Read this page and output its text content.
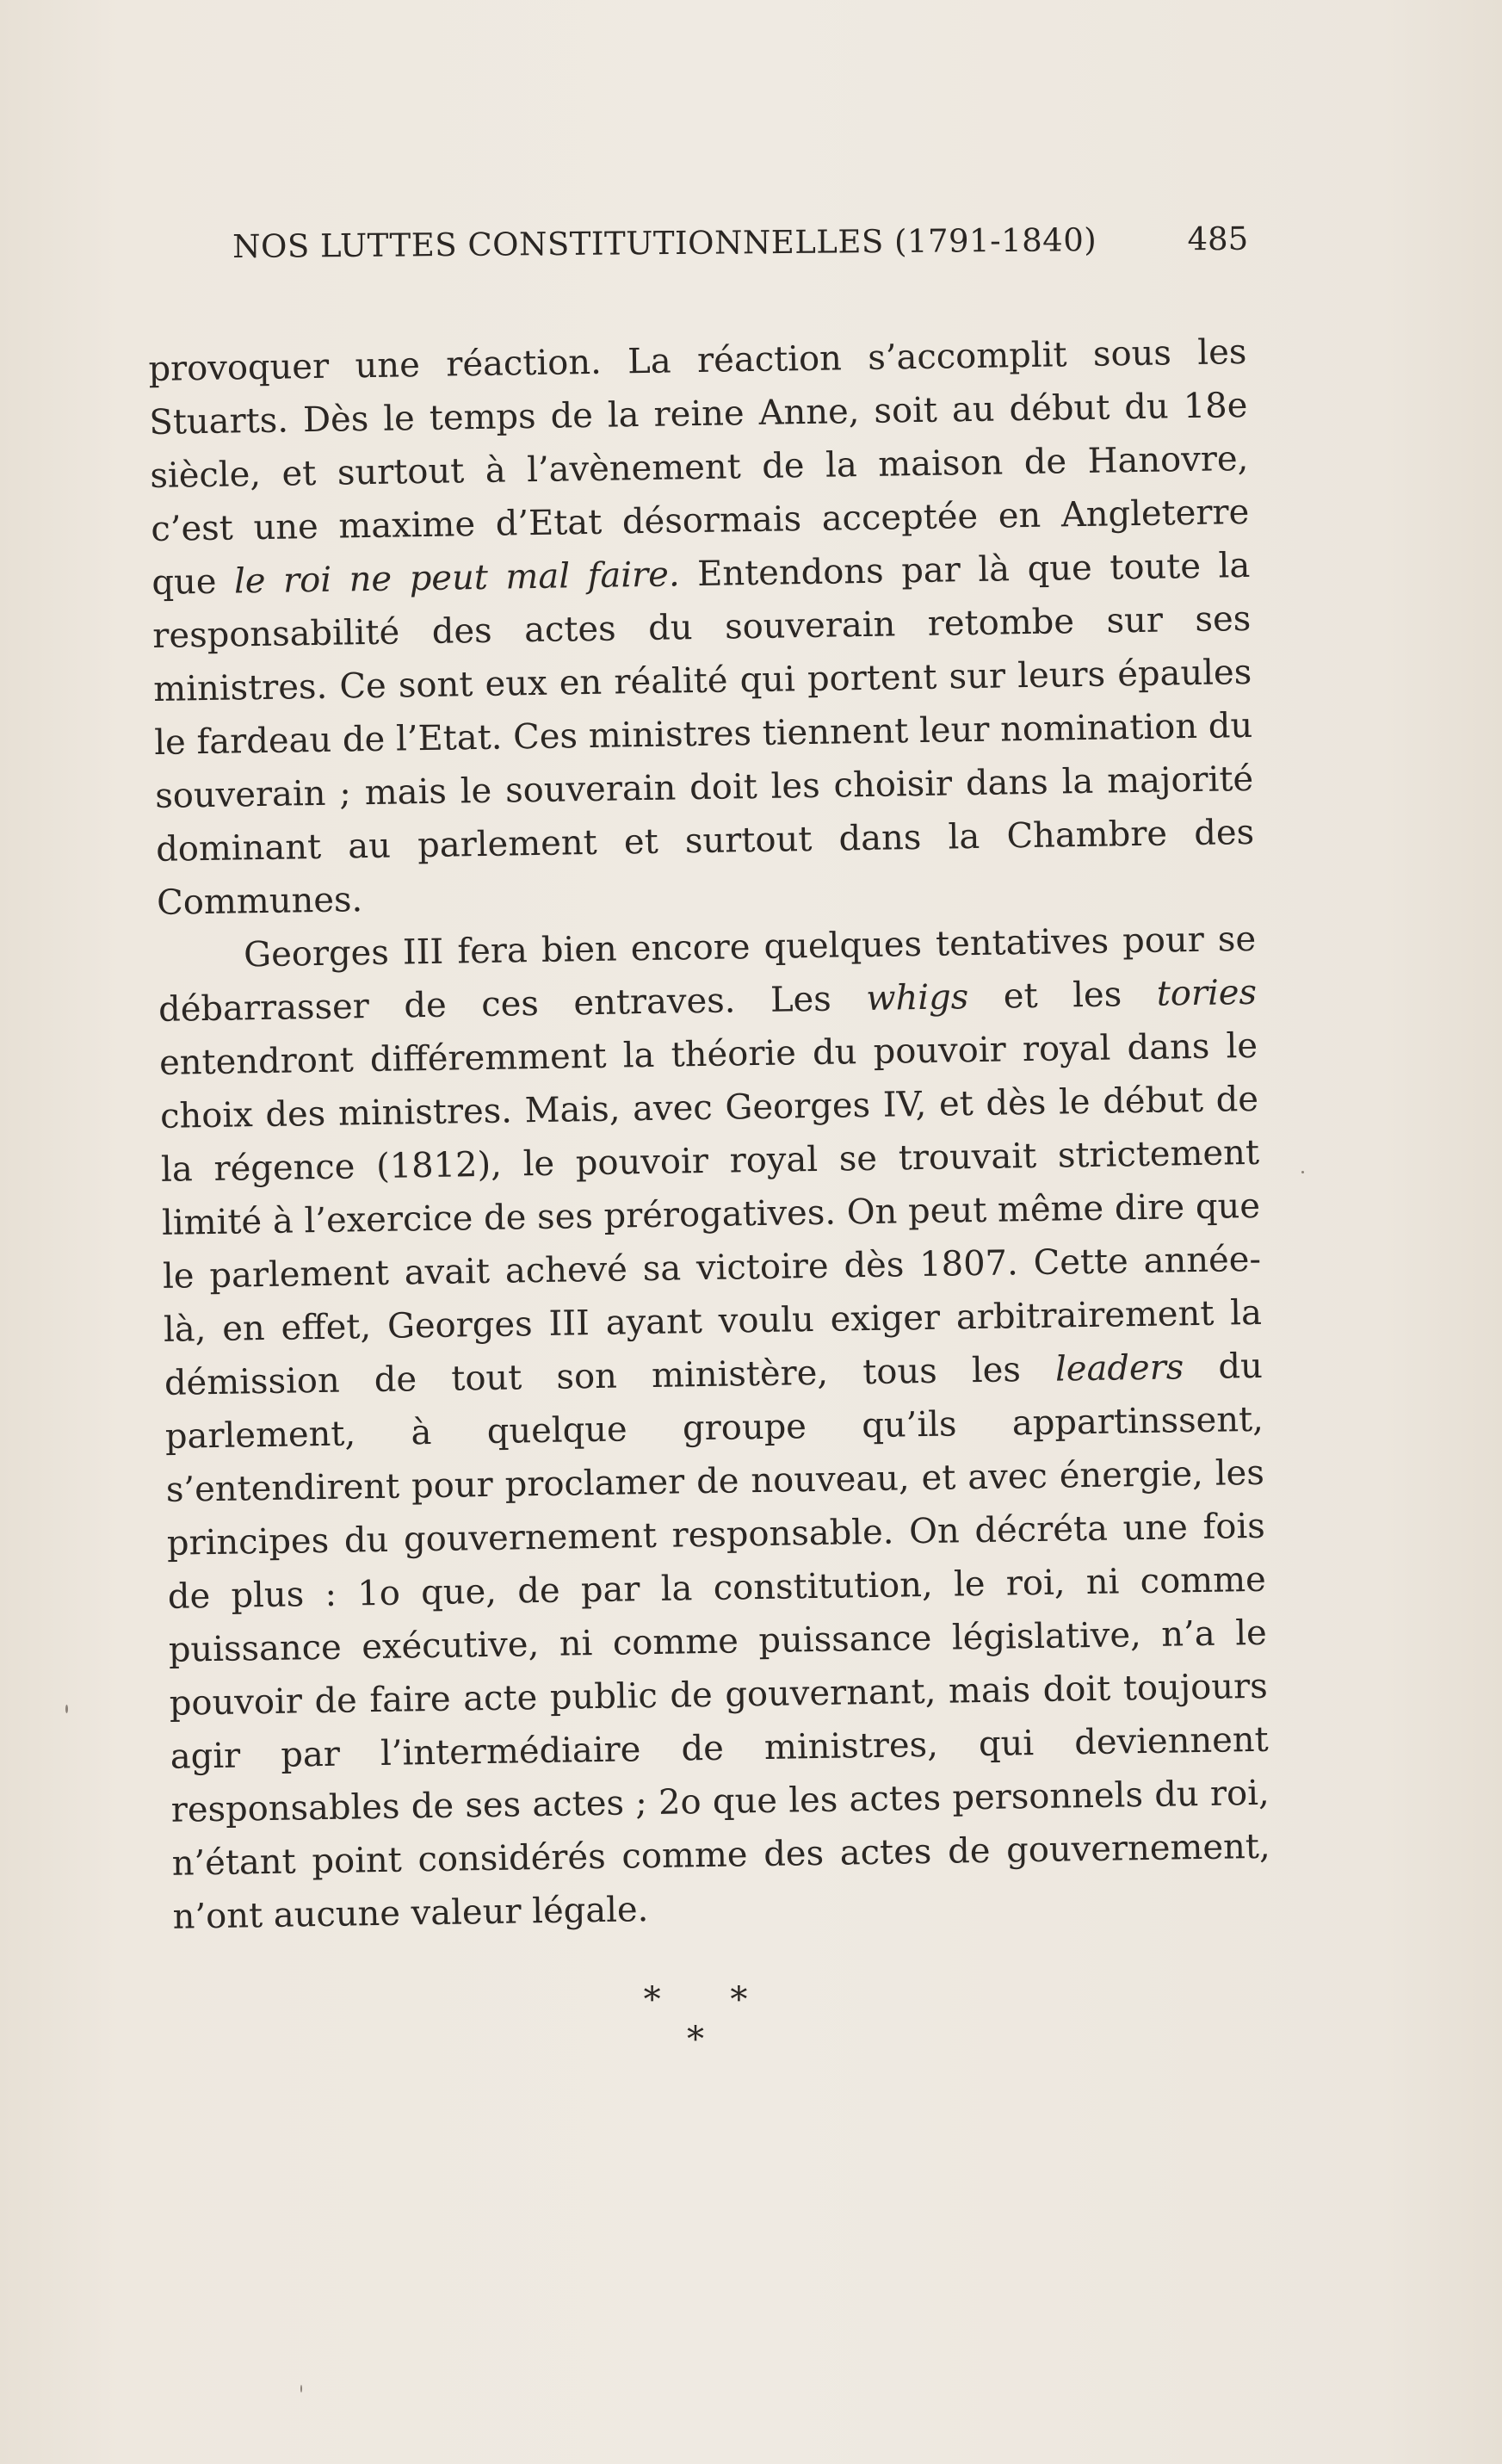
NOS LUTTES CONSTITUTIONNELLES (1791-1840)	485

provoquer une réaction. La réaction s’accomplit sous les Stuarts. Dès le temps de la reine Anne, soit au début du 18e siècle, et surtout à l’avènement de la maison de Hanovre, c’est une maxime d’Etat désormais acceptée en Angleterre que le roi ne peut mal faire. Entendons par là que toute la responsabilité des actes du souverain retombe sur ses ministres. Ce sont eux en réalité qui portent sur leurs épaules le fardeau de l’Etat. Ces ministres tiennent leur nomination du souverain ; mais le souverain doit les choisir dans la majorité dominant au parlement et surtout dans la Chambre des Communes.

Georges III fera bien encore quelques tentatives pour se débarrasser de ces entraves. Les whigs et les tories entendront différemment la théorie du pouvoir royal dans le choix des ministres. Mais, avec Georges IV, et dès le début de la régence (1812), le pouvoir royal se trouvait strictement limité à l’exercice de ses prérogatives. On peut même dire que le parlement avait achevé sa victoire dès 1807. Cette année-là, en effet, Georges III ayant voulu exiger arbitrairement la démission de tout son ministère, tous les leaders du parlement, à quelque groupe qu’ils appartinssent, s’entendirent pour proclamer de nouveau, et avec énergie, les principes du gouvernement responsable. On décréta une fois de plus : 1o que, de par la constitution, le roi, ni comme puissance exécutive, ni comme puissance législative, n’a le pouvoir de faire acte public de gouvernant, mais doit toujours agir par l’intermédiaire de ministres, qui deviennent responsables de ses actes ; 2o que les actes personnels du roi, n’étant point considérés comme des actes de gouvernement, n’ont aucune valeur légale.

* * *
